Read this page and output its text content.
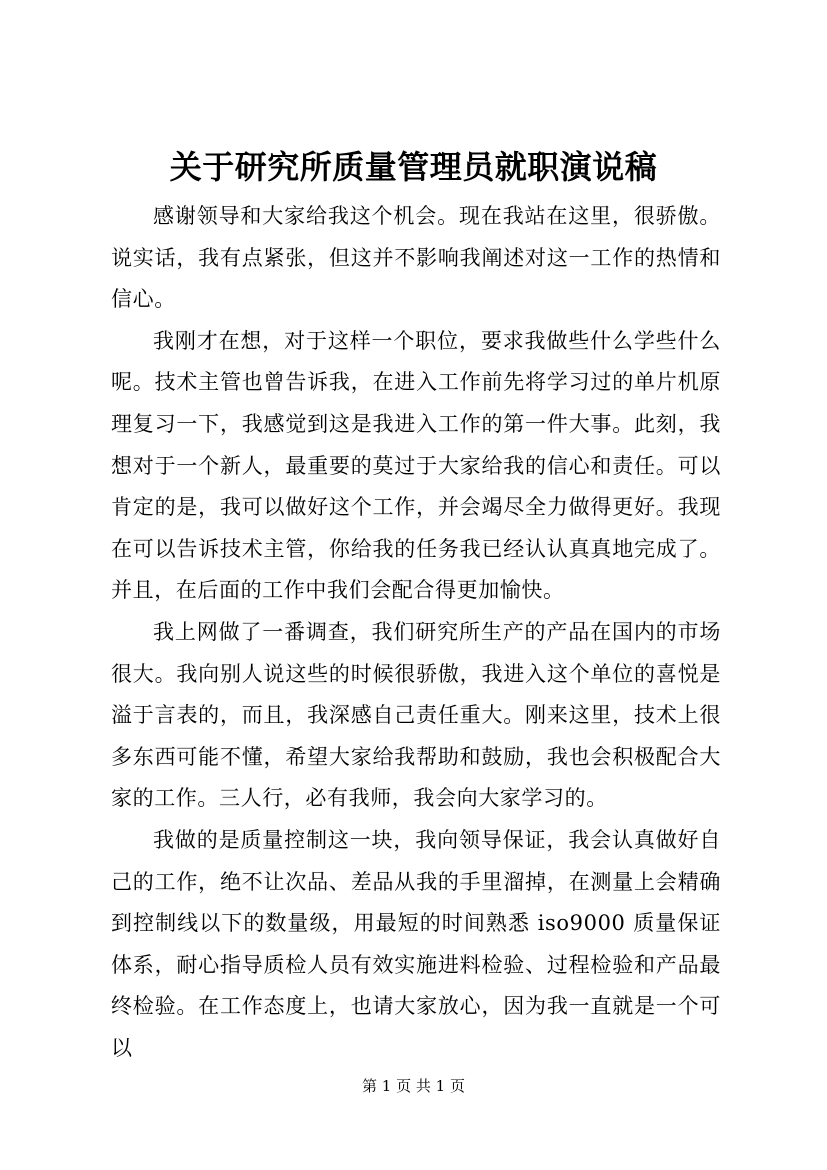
关于研究所质量管理员就职演说稿

感谢领导和大家给我这个机会。现在我站在这里，很骄傲。说实话，我有点紧张，但这并不影响我阐述对这一工作的热情和信心。

我刚才在想，对于这样一个职位，要求我做些什么学些什么呢。技术主管也曾告诉我，在进入工作前先将学习过的单片机原理复习一下，我感觉到这是我进入工作的第一件大事。此刻，我想对于一个新人，最重要的莫过于大家给我的信心和责任。可以肯定的是，我可以做好这个工作，并会竭尽全力做得更好。我现在可以告诉技术主管，你给我的任务我已经认认真真地完成了。并且，在后面的工作中我们会配合得更加愉快。

我上网做了一番调查，我们研究所生产的产品在国内的市场很大。我向别人说这些的时候很骄傲，我进入这个单位的喜悦是溢于言表的，而且，我深感自己责任重大。刚来这里，技术上很多东西可能不懂，希望大家给我帮助和鼓励，我也会积极配合大家的工作。三人行，必有我师，我会向大家学习的。

我做的是质量控制这一块，我向领导保证，我会认真做好自己的工作，绝不让次品、差品从我的手里溜掉，在测量上会精确到控制线以下的数量级，用最短的时间熟悉 iso9000 质量保证体系，耐心指导质检人员有效实施进料检验、过程检验和产品最终检验。在工作态度上，也请大家放心，因为我一直就是一个可以

第 1 页 共 1 页
